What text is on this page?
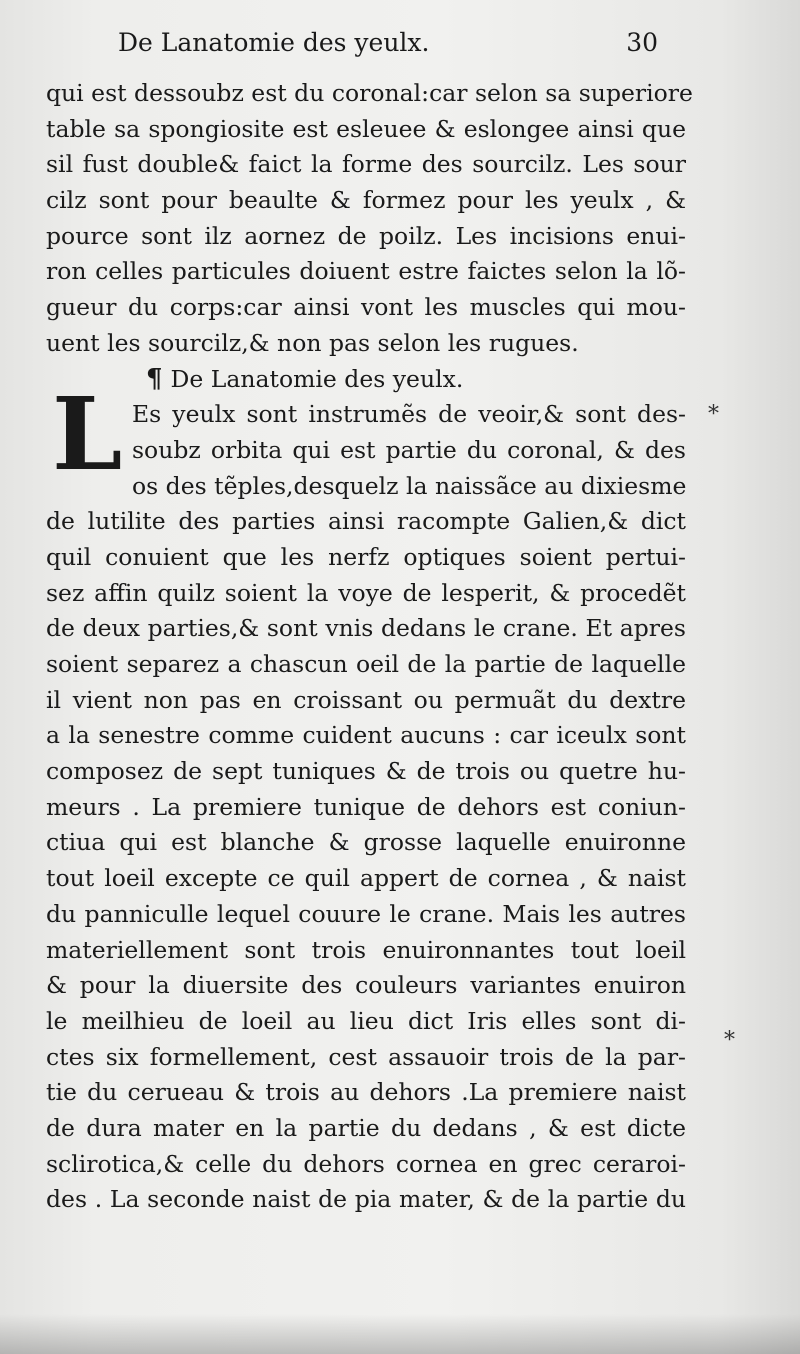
De Lanatomie des yeulx.	30
qui est dessoubz est du coronal:car selon sa superiore
table sa spongiosite est esleuee & eslongee ainsi que
sil fust double& faict la forme des sourcilz. Les sour
cilz sont pour beaulte & formez pour les yeulx , &
pource sont ilz aornez de poilz. Les incisions enui-
ron celles particules doiuent estre faictes selon la lõ-
gueur du corps:car ainsi vont les muscles qui mou-
uent les sourcilz,& non pas selon les rugues.
¶ De Lanatomie des yeulx.
Es yeulx sont instrumẽs de veoir,& sont des-
soubz orbita qui est partie du coronal, & des
os des tẽples,desquelz la naissãce au dixiesme
de lutilite des parties ainsi racompte Galien,& dict
quil conuient que les nerfz optiques soient pertui-
sez affin quilz soient la voye de lesperit, & procedẽt
de deux parties,& sont vnis dedans le crane. Et apres
soient separez a chascun oeil de la partie de laquelle
il vient non pas en croissant ou permuãt du dextre
a la senestre comme cuident aucuns : car iceulx sont
composez de sept tuniques & de trois ou quetre hu-
meurs . La premiere tunique de dehors est coniun-
ctiua qui est blanche & grosse laquelle enuironne
tout loeil excepte ce quil appert de cornea , & naist
du panniculle lequel couure le crane. Mais les autres
materiellement sont trois enuironnantes tout loeil
& pour la diuersite des couleurs variantes enuiron
le meilhieu de loeil au lieu dict Iris elles sont di-
ctes six formellement, cest assauoir trois de la par-
tie du cerueau & trois au dehors .La premiere naist
de dura mater en la partie du dedans , & est dicte
sclirotica,& celle du dehors cornea en grec ceraroi-
des . La seconde naist de pia mater, & de la partie du
L	*
*
